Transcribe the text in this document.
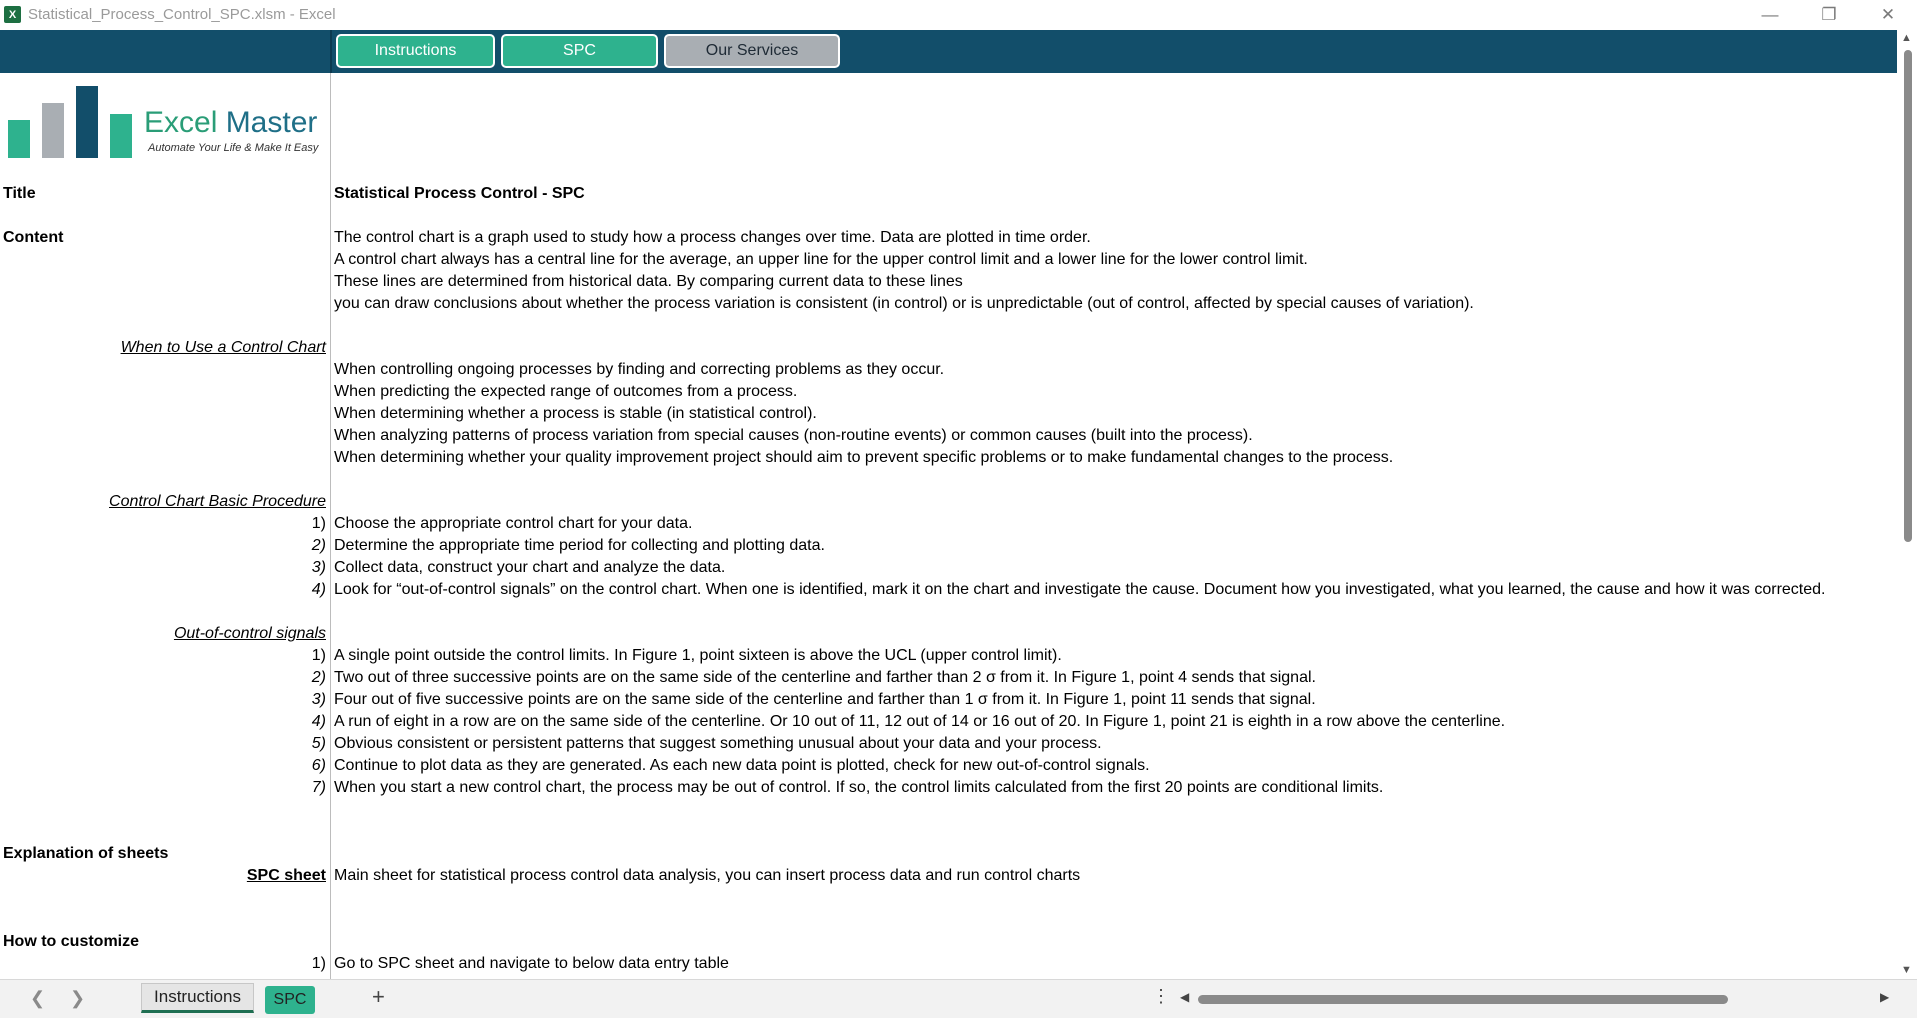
X Statistical_Process_Control_SPC.xlsm - Excel	—	❐	✕
Instructions	SPC	Our Services
Excel Master
Automate Your Life & Make It Easy
Title	Statistical Process Control - SPC
Content	The control chart is a graph used to study how a process changes over time. Data are plotted in time order.
A control chart always has a central line for the average, an upper line for the upper control limit and a lower line for the lower control limit.
These lines are determined from historical data. By comparing current data to these lines
you can draw conclusions about whether the process variation is consistent (in control) or is unpredictable (out of control, affected by special causes of variation).
When to Use a Control Chart
When controlling ongoing processes by finding and correcting problems as they occur.
When predicting the expected range of outcomes from a process.
When determining whether a process is stable (in statistical control).
When analyzing patterns of process variation from special causes (non-routine events) or common causes (built into the process).
When determining whether your quality improvement project should aim to prevent specific problems or to make fundamental changes to the process.
Control Chart Basic Procedure
1) Choose the appropriate control chart for your data.
2) Determine the appropriate time period for collecting and plotting data.
3) Collect data, construct your chart and analyze the data.
4) Look for “out-of-control signals” on the control chart. When one is identified, mark it on the chart and investigate the cause. Document how you investigated, what you learned, the cause and how it was corrected.
Out-of-control signals
1) A single point outside the control limits. In Figure 1, point sixteen is above the UCL (upper control limit).
2) Two out of three successive points are on the same side of the centerline and farther than 2 σ from it. In Figure 1, point 4 sends that signal.
3) Four out of five successive points are on the same side of the centerline and farther than 1 σ from it. In Figure 1, point 11 sends that signal.
4) A run of eight in a row are on the same side of the centerline. Or 10 out of 11, 12 out of 14 or 16 out of 20. In Figure 1, point 21 is eighth in a row above the centerline.
5) Obvious consistent or persistent patterns that suggest something unusual about your data and your process.
6) Continue to plot data as they are generated. As each new data point is plotted, check for new out-of-control signals.
7) When you start a new control chart, the process may be out of control. If so, the control limits calculated from the first 20 points are conditional limits.
Explanation of sheets
SPC sheet Main sheet for statistical process control data analysis, you can insert process data and run control charts
How to customize
1) Go to SPC sheet and navigate to below data entry table
▲
▼
❮ ❯	Instructions	SPC	+	⋮ ◀	▶
